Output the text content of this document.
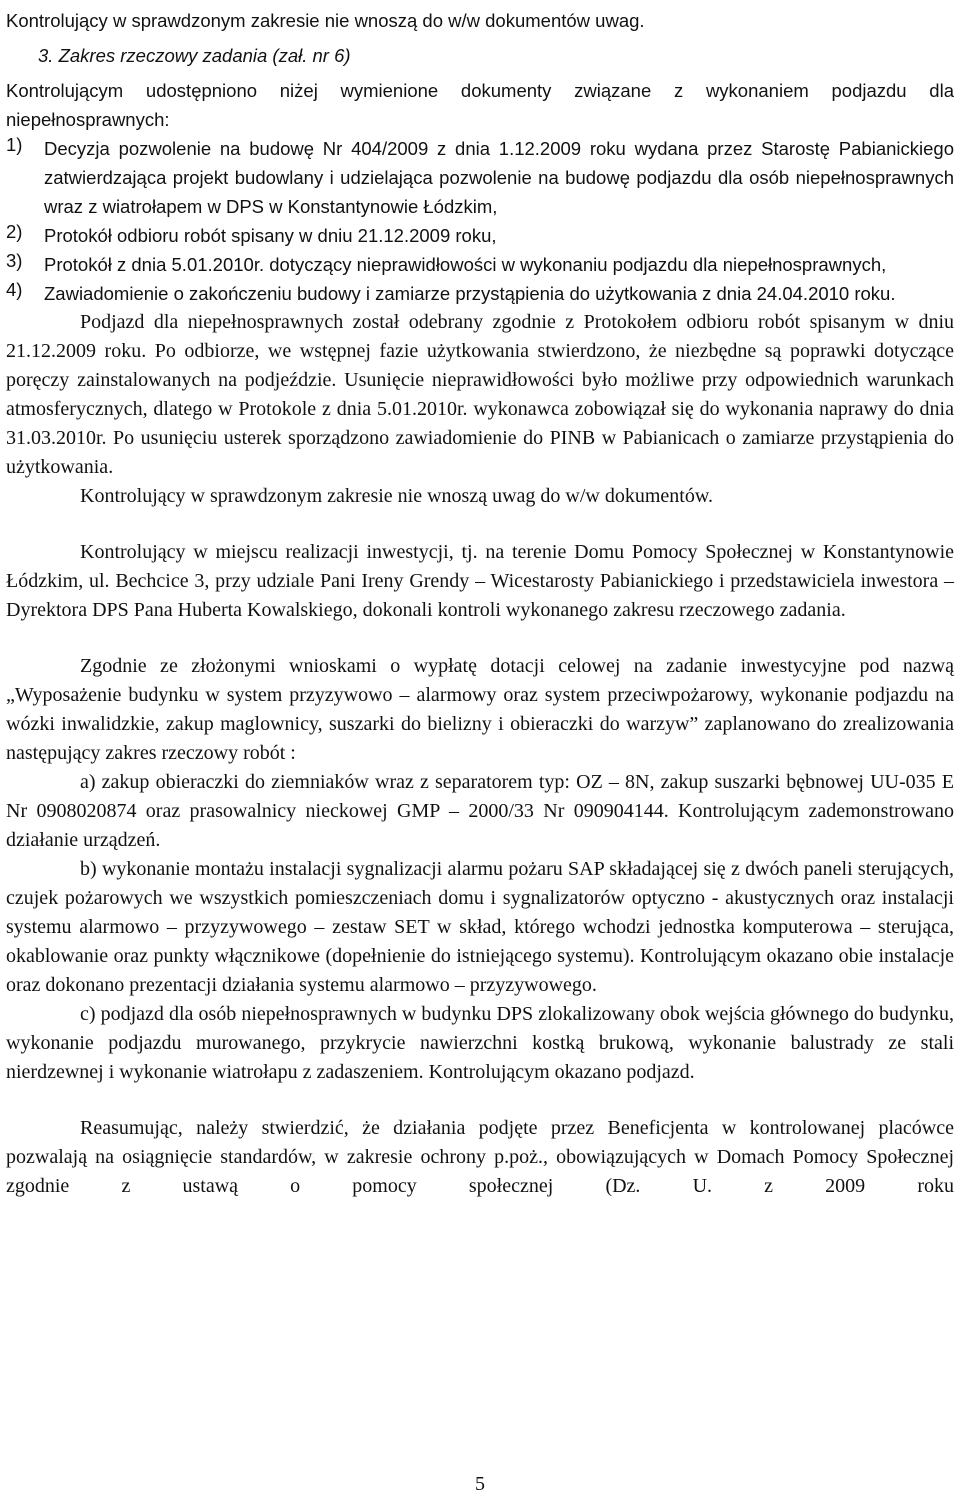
Kontrolujący w sprawdzonym zakresie nie wnoszą do w/w dokumentów uwag.

3. Zakres rzeczowy zadania (zał. nr 6)

Kontrolującym udostępniono niżej wymienione dokumenty związane z wykonaniem podjazdu dla niepełnosprawnych:

1)	Decyzja pozwolenie na budowę Nr 404/2009 z dnia 1.12.2009 roku wydana przez Starostę Pabianickiego zatwierdzająca projekt budowlany i udzielająca pozwolenie na budowę podjazdu dla osób niepełnosprawnych wraz z wiatrołapem w DPS w Konstantynowie Łódzkim,

2)	Protokół odbioru robót spisany w dniu 21.12.2009 roku,

3)	Protokół z dnia 5.01.2010r. dotyczący nieprawidłowości w wykonaniu podjazdu dla niepełnosprawnych,

4)	Zawiadomienie o zakończeniu budowy i zamiarze przystąpienia do użytkowania z dnia 24.04.2010 roku.

Podjazd dla niepełnosprawnych został odebrany zgodnie z Protokołem odbioru robót spisanym w dniu 21.12.2009 roku. Po odbiorze, we wstępnej fazie użytkowania stwierdzono, że niezbędne są poprawki dotyczące poręczy zainstalowanych na podjeździe. Usunięcie nieprawidłowości było możliwe przy odpowiednich warunkach atmosferycznych, dlatego w Protokole z dnia 5.01.2010r. wykonawca zobowiązał się do wykonania naprawy do dnia 31.03.2010r. Po usunięciu usterek sporządzono zawiadomienie do PINB w Pabianicach o zamiarze przystąpienia do użytkowania.

Kontrolujący w sprawdzonym zakresie nie wnoszą uwag do w/w dokumentów.

Kontrolujący w miejscu realizacji inwestycji, tj. na terenie Domu Pomocy Społecznej w Konstantynowie Łódzkim, ul. Bechcice 3, przy udziale Pani Ireny Grendy – Wicestarosty Pabianickiego i przedstawiciela inwestora – Dyrektora DPS Pana Huberta Kowalskiego, dokonali kontroli wykonanego zakresu rzeczowego zadania.

Zgodnie ze złożonymi wnioskami o wypłatę dotacji celowej na zadanie inwestycyjne pod nazwą „Wyposażenie budynku w system przyzywowo – alarmowy oraz system przeciwpożarowy, wykonanie podjazdu na wózki inwalidzkie, zakup maglownicy, suszarki do bielizny i obieraczki do warzyw” zaplanowano do zrealizowania następujący zakres rzeczowy robót :

a) zakup obieraczki do ziemniaków wraz z separatorem typ: OZ – 8N, zakup suszarki bębnowej UU-035 E Nr 0908020874 oraz prasowalnicy nieckowej GMP – 2000/33 Nr 090904144. Kontrolującym zademonstrowano działanie urządzeń.

b) wykonanie montażu instalacji sygnalizacji alarmu pożaru SAP składającej się z dwóch paneli sterujących, czujek pożarowych we wszystkich pomieszczeniach domu i sygnalizatorów optyczno - akustycznych oraz instalacji systemu alarmowo – przyzywowego – zestaw SET w skład, którego wchodzi jednostka komputerowa – sterująca, okablowanie oraz punkty włącznikowe (dopełnienie do istniejącego systemu). Kontrolującym okazano obie instalacje oraz dokonano prezentacji działania systemu alarmowo – przyzywowego.

c) podjazd dla osób niepełnosprawnych w budynku DPS zlokalizowany obok wejścia głównego do budynku, wykonanie podjazdu murowanego, przykrycie nawierzchni kostką brukową, wykonanie balustrady ze stali nierdzewnej i wykonanie wiatrołapu z zadaszeniem. Kontrolującym okazano podjazd.

Reasumując, należy stwierdzić, że działania podjęte przez Beneficjenta w kontrolowanej placówce pozwalają na osiągnięcie standardów, w zakresie ochrony p.poż., obowiązujących w Domach Pomocy Społecznej zgodnie z ustawą o pomocy społecznej (Dz. U. z 2009 roku

5
